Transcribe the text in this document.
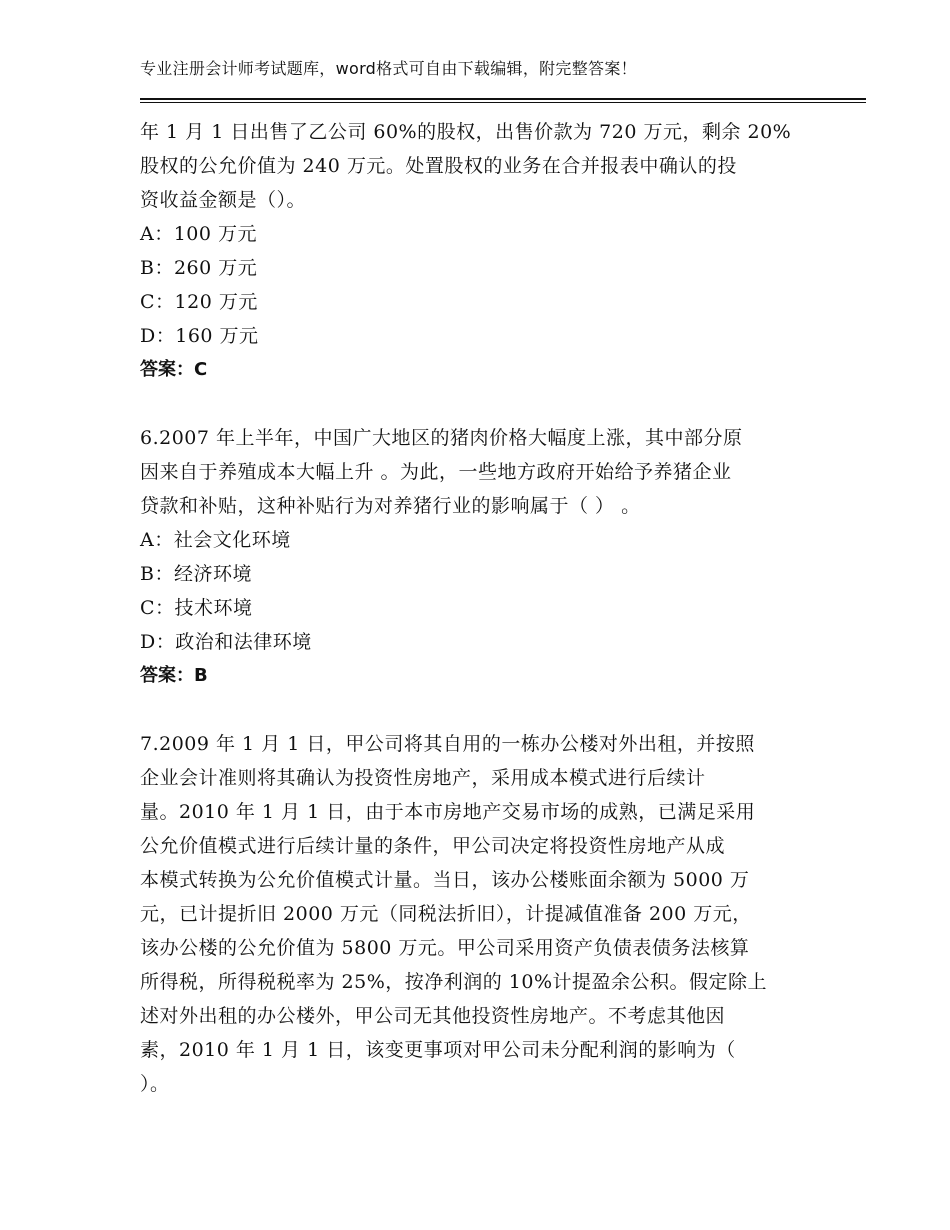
专业注册会计师考试题库，word格式可自由下载编辑，附完整答案！
年 1 月 1 日出售了乙公司 60%的股权，出售价款为 720 万元，剩余 20%
股权的公允价值为 240 万元。处置股权的业务在合并报表中确认的投
资收益金额是（）。
A：100 万元
B：260 万元
C：120 万元
D：160 万元
答案：C
6.2007 年上半年，中国广大地区的猪肉价格大幅度上涨，其中部分原
因来自于养殖成本大幅上升 。为此，一些地方政府开始给予养猪企业
贷款和补贴，这种补贴行为对养猪行业的影响属于（ ） 。
A：社会文化环境
B：经济环境
C：技术环境
D：政治和法律环境
答案：B
7.2009 年 1 月 1 日，甲公司将其自用的一栋办公楼对外出租，并按照
企业会计准则将其确认为投资性房地产，采用成本模式进行后续计
量。2010 年 1 月 1 日，由于本市房地产交易市场的成熟，已满足采用
公允价值模式进行后续计量的条件，甲公司决定将投资性房地产从成
本模式转换为公允价值模式计量。当日，该办公楼账面余额为 5000 万
元，已计提折旧 2000 万元（同税法折旧），计提减值准备 200 万元，
该办公楼的公允价值为 5800 万元。甲公司采用资产负债表债务法核算
所得税，所得税税率为 25%，按净利润的 10%计提盈余公积。假定除上
述对外出租的办公楼外，甲公司无其他投资性房地产。不考虑其他因
素，2010 年 1 月 1 日，该变更事项对甲公司未分配利润的影响为（
）。
